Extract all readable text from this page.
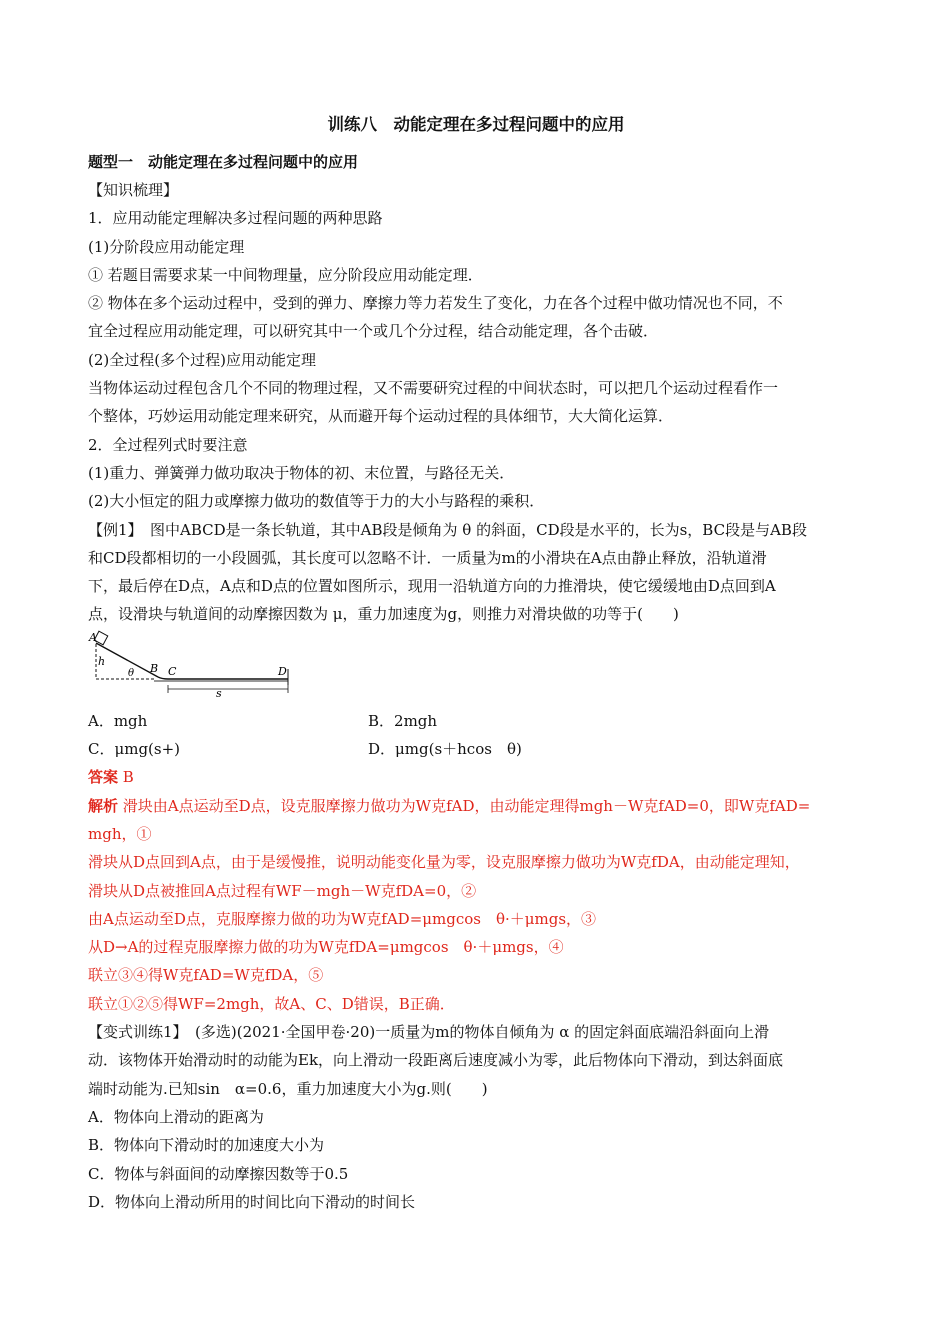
训练八　动能定理在多过程问题中的应用
题型一　动能定理在多过程问题中的应用

【知识梳理】

1．应用动能定理解决多过程问题的两种思路

(1)分阶段应用动能定理

① 若题目需要求某一中间物理量，应分阶段应用动能定理．

② 物体在多个运动过程中，受到的弹力、摩擦力等力若发生了变化，力在各个过程中做功情况也不同，不
宜全过程应用动能定理，可以研究其中一个或几个分过程，结合动能定理，各个击破．

(2)全过程(多个过程)应用动能定理

当物体运动过程包含几个不同的物理过程，又不需要研究过程的中间状态时，可以把几个运动过程看作一
个整体，巧妙运用动能定理来研究，从而避开每个运动过程的具体细节，大大简化运算．

2．全过程列式时要注意

(1)重力、弹簧弹力做功取决于物体的初、末位置，与路径无关．

(2)大小恒定的阻力或摩擦力做功的数值等于力的大小与路程的乘积．

【例1】　图中ABCD是一条长轨道，其中AB段是倾角为 θ 的斜面，CD段是水平的，长为s，BC段是与AB段
和CD段都相切的一小段圆弧，其长度可以忽略不计．一质量为m的小滑块在A点由静止释放，沿轨道滑
下，最后停在D点，A点和D点的位置如图所示，现用一沿轨道方向的力推滑块，使它缓缓地由D点回到A
点，设滑块与轨道间的动摩擦因数为 μ，重力加速度为g，则推力对滑块做的功等于(　　)

A
h
θ B C	D
s
A．mgh	B．2mgh
C．μmg(s+)	D．μmg(s＋hcos　θ)

答案 B

解析 滑块由A点运动至D点，设克服摩擦力做功为W克fAD，由动能定理得mgh－W克fAD=0，即W克fAD=
mgh，①
滑块从D点回到A点，由于是缓慢推，说明动能变化量为零，设克服摩擦力做功为W克fDA，由动能定理知，
滑块从D点被推回A点过程有WF－mgh－W克fDA=0，②
由A点运动至D点，克服摩擦力做的功为W克fAD=μmgcos　θ·＋μmgs，③
从D→A的过程克服摩擦力做的功为W克fDA=μmgcos　θ·＋μmgs，④
联立③④得W克fAD=W克fDA，⑤
联立①②⑤得WF=2mgh，故A、C、D错误，B正确．

【变式训练1】　(多选)(2021·全国甲卷·20)一质量为m的物体自倾角为 α 的固定斜面底端沿斜面向上滑
动．该物体开始滑动时的动能为Ek，向上滑动一段距离后速度减小为零，此后物体向下滑动，到达斜面底
端时动能为.已知sin　α=0.6，重力加速度大小为g.则(　　)

A．物体向上滑动的距离为
B．物体向下滑动时的加速度大小为
C．物体与斜面间的动摩擦因数等于0.5
D．物体向上滑动所用的时间比向下滑动的时间长
